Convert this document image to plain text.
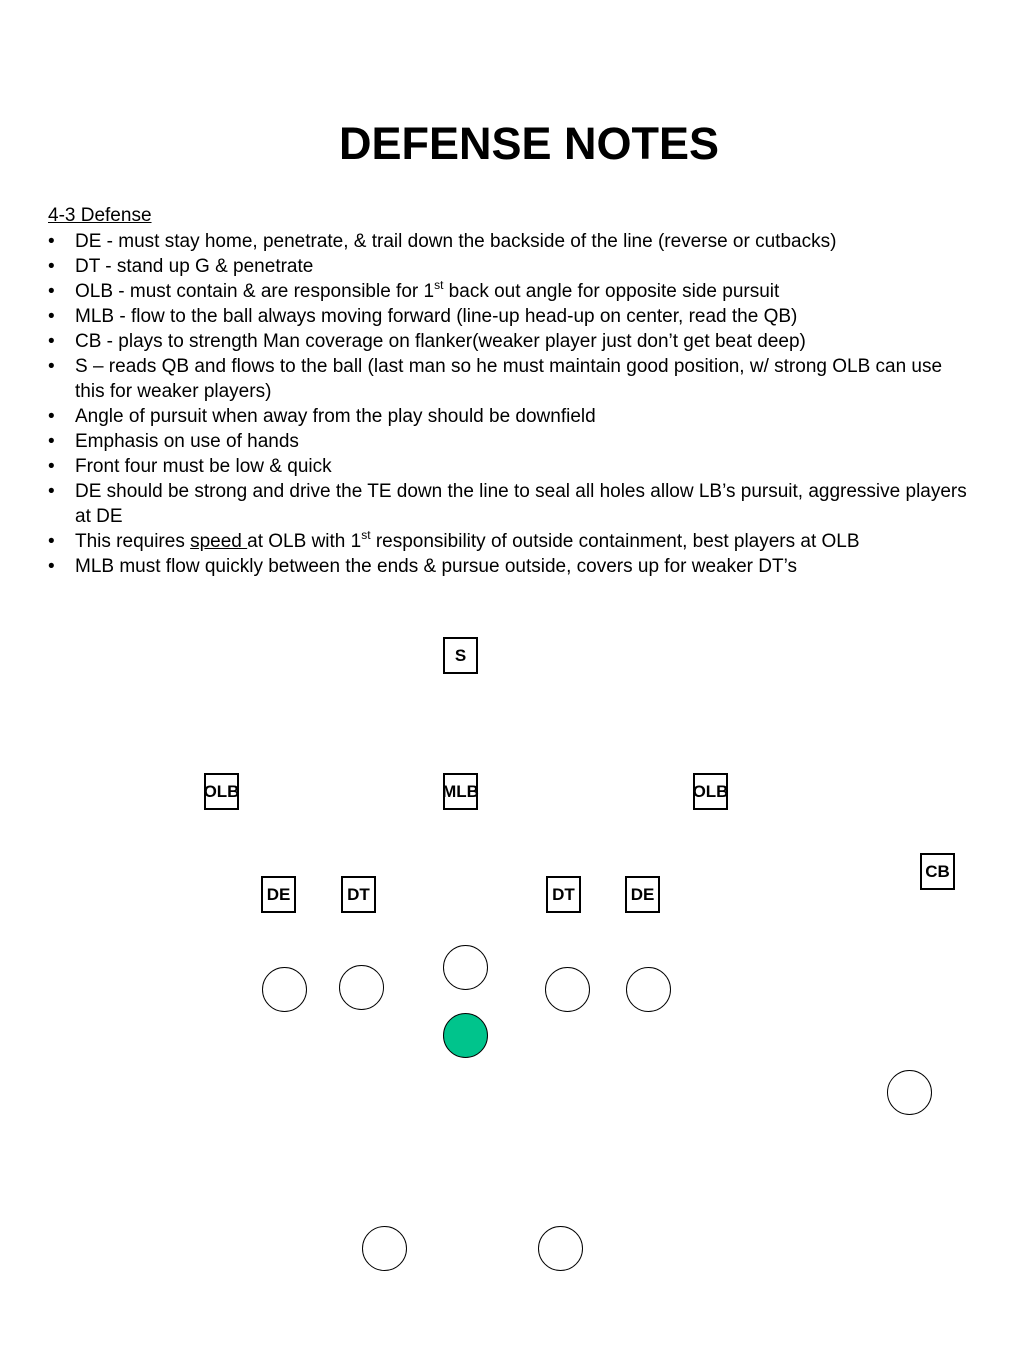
DEFENSE NOTES
4-3 Defense
• DE - must stay home, penetrate, & trail down the backside of the line (reverse or cutbacks)
• DT - stand up G & penetrate
• OLB - must contain & are responsible for 1st back out angle for opposite side pursuit
• MLB - flow to the ball always moving forward (line-up head-up on center, read the QB)
• CB - plays to strength Man coverage on flanker(weaker player just don’t get beat deep)
• S – reads QB and flows to the ball (last man so he must maintain good position, w/ strong OLB can use this for weaker players)
• Angle of pursuit when away from the play should be downfield
• Emphasis on use of hands
• Front four must be low & quick
• DE should be strong and drive the TE down the line to seal all holes allow LB’s pursuit, aggressive players at DE
• This requires speed at OLB with 1st responsibility of outside containment, best players at OLB
• MLB must flow quickly between the ends & pursue outside, covers up for weaker DT’s
S
OLB	MLB	OLB
CB
DE	DT	DT	DE
